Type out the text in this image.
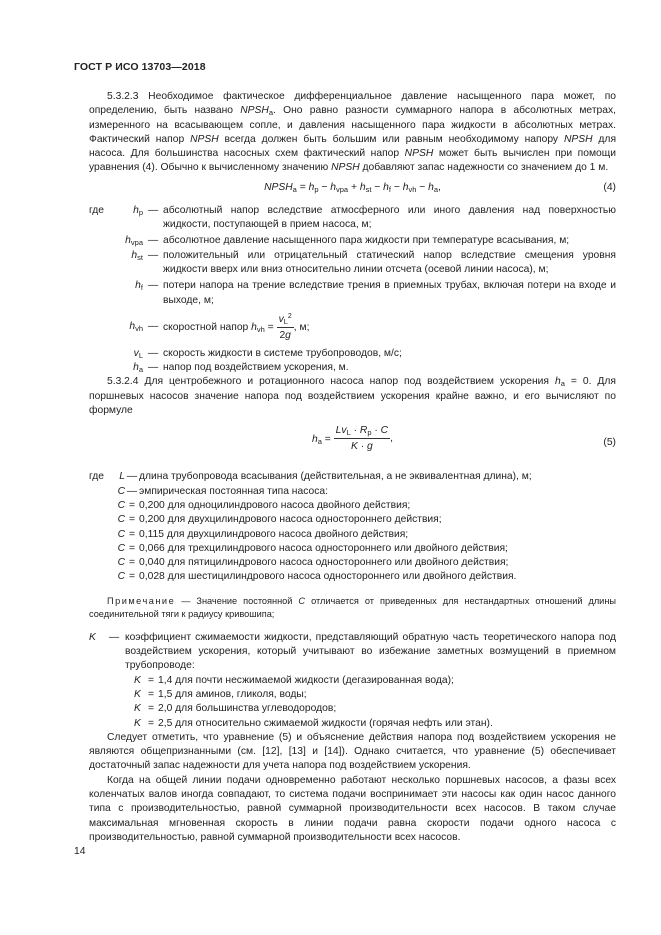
ГОСТ Р ИСО 13703—2018

5.3.2.3 Необходимое фактическое дифференциальное давление насыщенного пара может, по определению, быть названо $NPSH_а$. Оно равно разности суммарного напора в абсолютных метрах, измеренного на всасывающем сопле, и давления насыщенного пара жидкости в абсолютных метрах. Фактический напор NPSH всегда должен быть большим или равным необходимому напору NPSH для насоса. Для большинства насосных схем фактический напор NPSH может быть вычислен при помощи уравнения (4). Обычно к вычисленному значению NPSH добавляют запас надежности со значением до 1 м.

$NPSH_а = h_р - h_{vра} + h_{st} - h_f - h_{vh} - h_а$,	(4)
где	$h_р$ — абсолютный напор вследствие атмосферного или иного давления над поверхностью жидкости, поступающей в прием насоса, м;
$h_{vра}$ — абсолютное давление насыщенного пара жидкости при температуре всасывания, м;
$h_{st}$ — положительный или отрицательный статический напор вследствие смещения уровня жидкости вверх или вниз относительно линии отсчета (осевой линии насоса), м;
$h_f$ — потери напора на трение вследствие трения в приемных трубах, включая потери на входе и выходе, м;
$h_{vh}$ — скоростной напор $h_{vh} = \frac{v_L^2}{2g}$ , м;
$v_L$ — скорость жидкости в системе трубопроводов, м/с;
$h_а$ — напор под воздействием ускорения, м.

5.3.2.4 Для центробежного и ротационного насоса напор под воздействием ускорения $h_а = 0$. Для поршневых насосов значение напора под воздействием ускорения крайне важно, и его вычисляют по формуле

$h_а = \frac{Lv_L \cdot R_р \cdot C}{K \cdot g}$ ,	(5)
где	L — длина трубопровода всасывания (действительная, а не эквивалентная длина), м;
C — эмпирическая постоянная типа насоса:
C = 0,200 для одноцилиндрового насоса двойного действия;
C = 0,200 для двухцилиндрового насоса одностороннего действия;
C = 0,115 для двухцилиндрового насоса двойного действия;
C = 0,066 для трехцилиндрового насоса одностороннего или двойного действия;
C = 0,040 для пятицилиндрового насоса одностороннего или двойного действия;
C = 0,028 для шестицилиндрового насоса одностороннего или двойного действия.

Примечание — Значение постоянной C отличается от приведенных для нестандартных отношений длины соединительной тяги к радиусу кривошипа;

K	— коэффициент сжимаемости жидкости, представляющий обратную часть теоретического напора под воздействием ускорения, который учитывают во избежание заметных возмущений в приемном трубопроводе:
K = 1,4 для почти несжимаемой жидкости (дегазированная вода);
K = 1,5 для аминов, гликоля, воды;
K = 2,0 для большинства углеводородов;
K = 2,5 для относительно сжимаемой жидкости (горячая нефть или этан).

Следует отметить, что уравнение (5) и объяснение действия напора под воздействием ускорения не являются общепризнанными (см. [12], [13] и [14]). Однако считается, что уравнение (5) обеспечивает достаточный запас надежности для учета напора под воздействием ускорения.

Когда на общей линии подачи одновременно работают несколько поршневых насосов, а фазы всех коленчатых валов иногда совпадают, то система подачи воспринимает эти насосы как один насос данного типа с производительностью, равной суммарной производительности всех насосов. В таком случае максимальная мгновенная скорость в линии подачи равна скорости подачи одного насоса с производительностью, равной суммарной производительности всех насосов.

14
